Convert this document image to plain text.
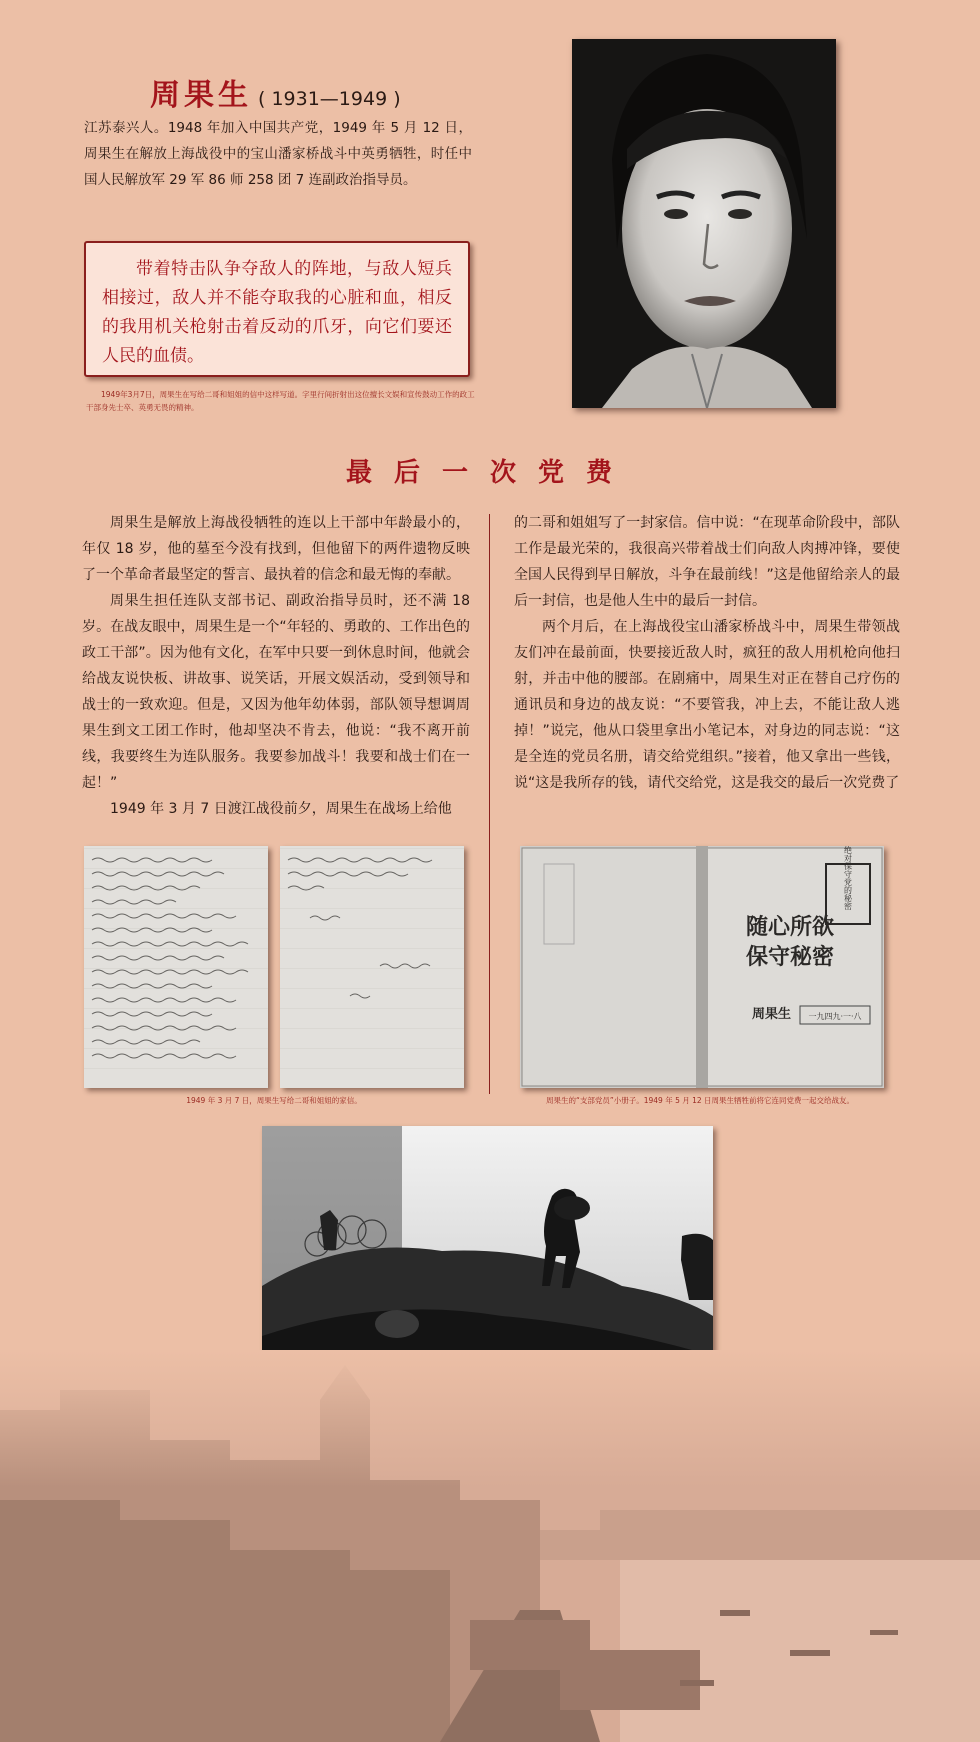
周果生 ( 1931—1949 )
江苏泰兴人。1948 年加入中国共产党，1949 年 5 月 12 日，周果生在解放上海战役中的宝山潘家桥战斗中英勇牺牲，时任中国人民解放军 29 军 86 师 258 团 7 连副政治指导员。
带着特击队争夺敌人的阵地，与敌人短兵相接过，敌人并不能夺取我的心脏和血，相反的我用机关枪射击着反动的爪牙，向它们要还人民的血债。
1949年3月7日，周果生在写给二哥和姐姐的信中这样写道。字里行间折射出这位擅长文娱和宣传鼓动工作的政工干部身先士卒、英勇无畏的精神。
最后一次党费

周果生是解放上海战役牺牲的连以上干部中年龄最小的，年仅 18 岁，他的墓至今没有找到，但他留下的两件遗物反映了一个革命者最坚定的誓言、最执着的信念和最无悔的奉献。

周果生担任连队支部书记、副政治指导员时，还不满 18 岁。在战友眼中，周果生是一个“年轻的、勇敢的、工作出色的政工干部”。因为他有文化，在军中只要一到休息时间，他就会给战友说快板、讲故事、说笑话，开展文娱活动，受到领导和战士的一致欢迎。但是，又因为他年幼体弱，部队领导想调周果生到文工团工作时，他却坚决不肯去，他说：“我不离开前线，我要终生为连队服务。我要参加战斗！我要和战士们在一起！”

1949 年 3 月 7 日渡江战役前夕，周果生在战场上给他

的二哥和姐姐写了一封家信。信中说：“在现革命阶段中，部队工作是最光荣的，我很高兴带着战士们向敌人肉搏冲锋，要使全国人民得到早日解放，斗争在最前线！”这是他留给亲人的最后一封信，也是他人生中的最后一封信。

两个月后，在上海战役宝山潘家桥战斗中，周果生带领战友们冲在最前面，快要接近敌人时，疯狂的敌人用机枪向他扫射，并击中他的腰部。在剧痛中，周果生对正在替自己疗伤的通讯员和身边的战友说：“不要管我，冲上去，不能让敌人逃掉！”说完，他从口袋里拿出小笔记本，对身边的同志说：“这是全连的党员名册，请交给党组织。”接着，他又拿出一些钱，说“这是我所存的钱，请代交给党，这是我交的最后一次党费了

1949 年 3 月 7 日，周果生写给二哥和姐姐的家信。
绝对保守党的秘密
随心所欲
保守秘密
周果生 一九四九·一·八
周果生的“支部党员”小册子。1949 年 5 月 12 日周果生牺牲前将它连同党费一起交给战友。
